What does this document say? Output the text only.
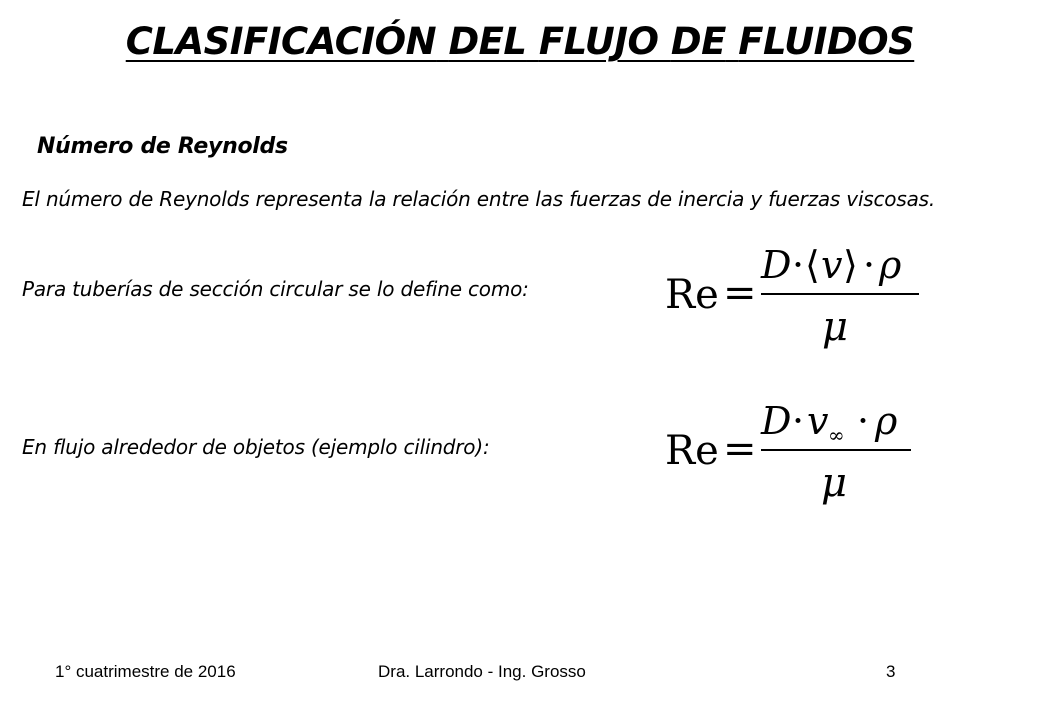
CLASIFICACIÓN DEL FLUJO DE FLUIDOS
Número de Reynolds
El número de Reynolds representa la relación entre las fuerzas de inercia y fuerzas viscosas.
Para tuberías de sección circular se lo define como:	Re =
D · ⟨ v ⟩ · ρ
μ
En flujo alrededor de objetos (ejemplo cilindro):	Re =
D · v ∞ · ρ
μ
1° cuatrimestre de 2016	Dra. Larrondo - Ing. Grosso	3
